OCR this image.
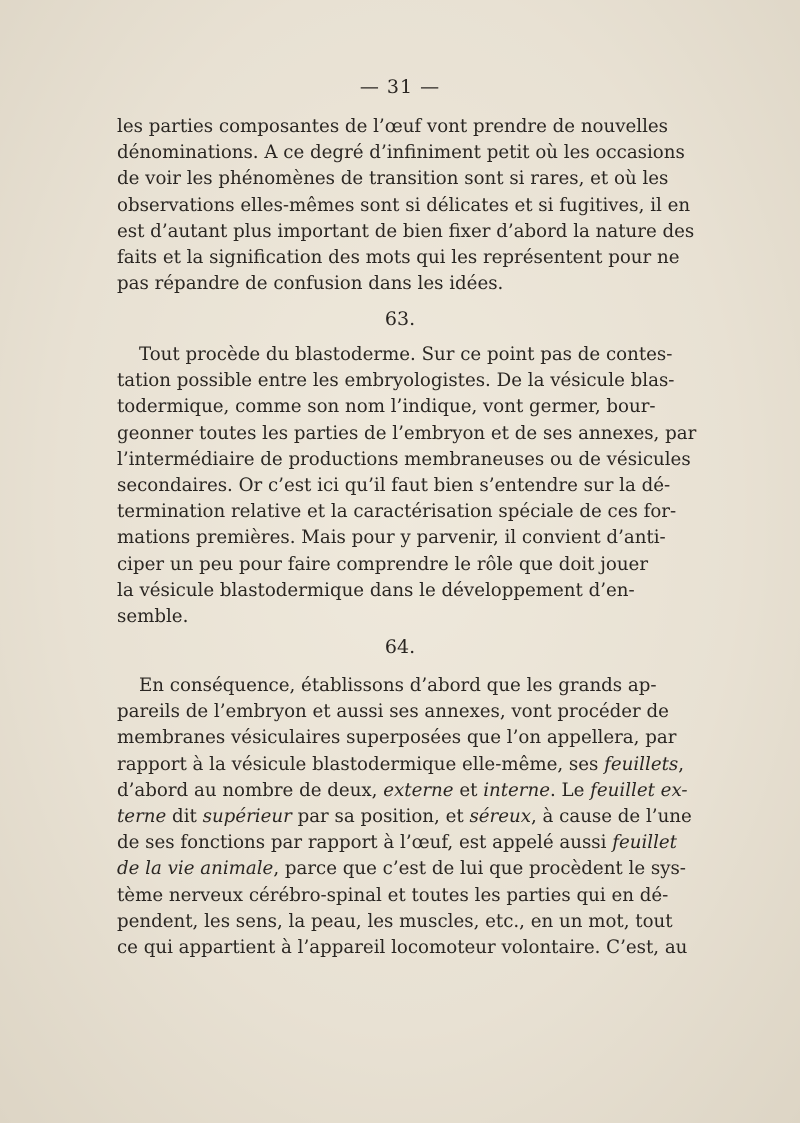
— 31 —
les parties composantes de l’œuf vont prendre de nouvelles
dénominations. A ce degré d’infiniment petit où les occasions
de voir les phénomènes de transition sont si rares, et où les
observations elles-mêmes sont si délicates et si fugitives, il en
est d’autant plus important de bien fixer d’abord la nature des
faits et la signification des mots qui les représentent pour ne
pas répandre de confusion dans les idées.
63.
Tout procède du blastoderme. Sur ce point pas de contes-
tation possible entre les embryologistes. De la vésicule blas-
todermique, comme son nom l’indique, vont germer, bour-
geonner toutes les parties de l’embryon et de ses annexes, par
l’intermédiaire de productions membraneuses ou de vésicules
secondaires. Or c’est ici qu’il faut bien s’entendre sur la dé-
termination relative et la caractérisation spéciale de ces for-
mations premières. Mais pour y parvenir, il convient d’anti-
ciper un peu pour faire comprendre le rôle que doit jouer
la vésicule blastodermique dans le développement d’en-
semble.
64.
En conséquence, établissons d’abord que les grands ap-
pareils de l’embryon et aussi ses annexes, vont procéder de
membranes vésiculaires superposées que l’on appellera, par
rapport à la vésicule blastodermique elle-même, ses feuillets,
d’abord au nombre de deux, externe et interne. Le feuillet ex-
terne dit supérieur par sa position, et séreux, à cause de l’une
de ses fonctions par rapport à l’œuf, est appelé aussi feuillet
de la vie animale, parce que c’est de lui que procèdent le sys-
tème nerveux cérébro-spinal et toutes les parties qui en dé-
pendent, les sens, la peau, les muscles, etc., en un mot, tout
ce qui appartient à l’appareil locomoteur volontaire. C’est, au
